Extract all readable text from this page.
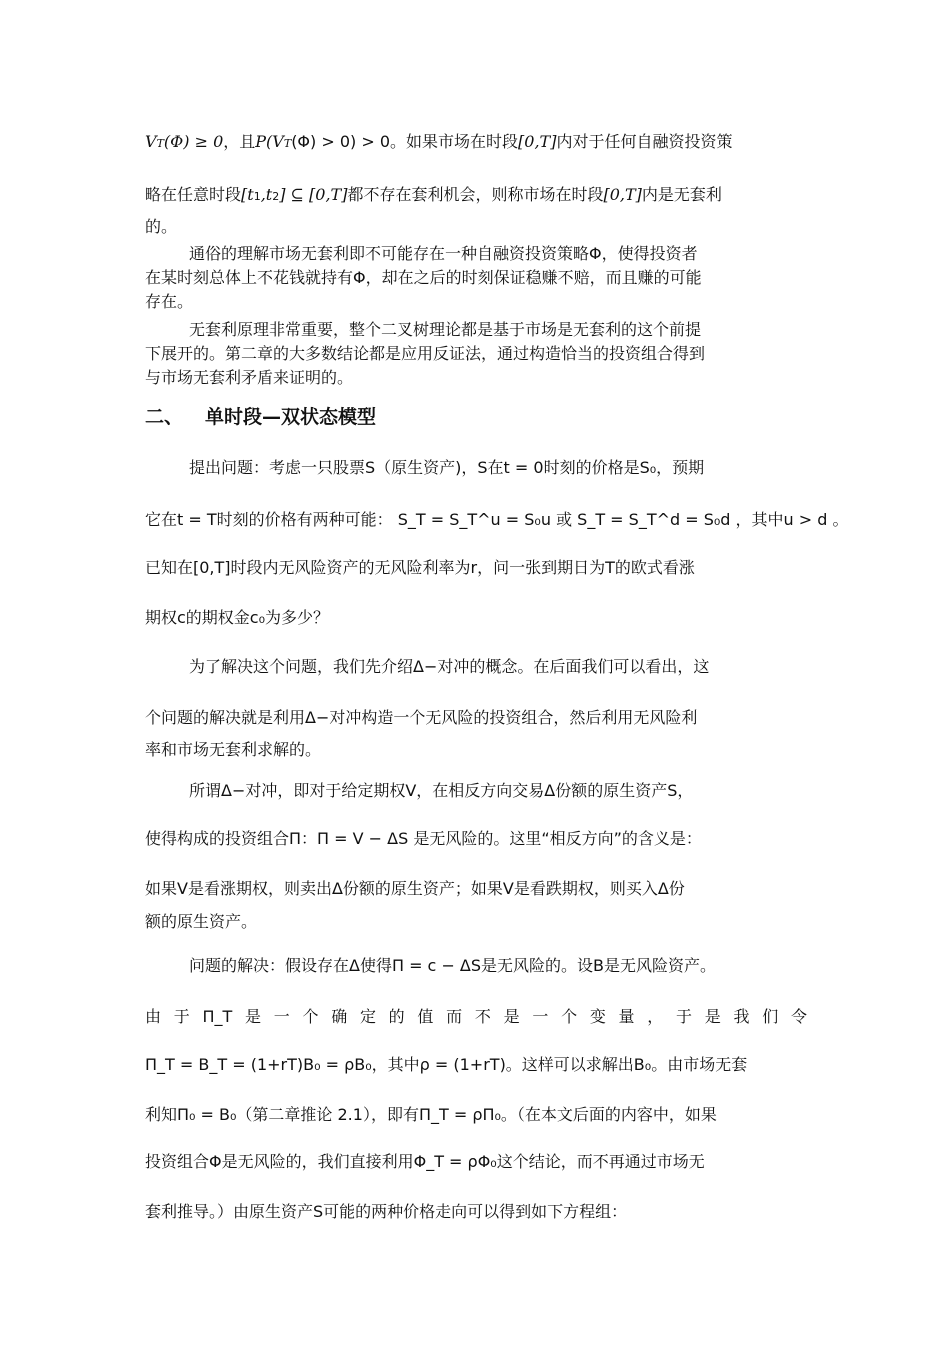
V T (Φ) ≥ 0 ，且 P(V T (Φ) > 0) > 0 。如果市场在时段 [0,T] 内对于任何自融资投资策
略在任意时段 [t 1 ,t 2 ] ⊆ [0,T] 都不存在套利机会，则称市场在时段 [0,T] 内是无套利
的。
通俗的理解市场无套利即不可能存在一种自融资投资策略Φ，使得投资者
在某时刻总体上不花钱就持有Φ，却在之后的时刻保证稳赚不赔，而且赚的可能
存在。
无套利原理非常重要，整个二叉树理论都是基于市场是无套利的这个前提
下展开的。第二章的大多数结论都是应用反证法，通过构造恰当的投资组合得到
与市场无套利矛盾来证明的。
二、 单时段—双状态模型
提出问题：考虑一只股票S（原生资产)，S在t = 0时刻的价格是S₀，预期
它在t = T时刻的价格有两种可能： S_T = S_T^u = S₀u 或 S_T = S_T^d = S₀d ，其中u > d 。
已知在[0,T]时段内无风险资产的无风险利率为r，问一张到期日为T的欧式看涨
期权c的期权金c₀为多少？
为了解决这个问题，我们先介绍Δ−对冲的概念。在后面我们可以看出，这
个问题的解决就是利用Δ−对冲构造一个无风险的投资组合，然后利用无风险利
率和市场无套利求解的。
所谓Δ−对冲，即对于给定期权V，在相反方向交易Δ份额的原生资产S，
使得构成的投资组合Π：Π = V − ΔS 是无风险的。这里“相反方向”的含义是：
如果V是看涨期权，则卖出Δ份额的原生资产；如果V是看跌期权，则买入Δ份
额的原生资产。
问题的解决：假设存在Δ使得Π = c − ΔS是无风险的。设B是无风险资产。
由 于 Π_T 是 一 个 确 定 的 值 而 不 是 一 个 变 量 ， 于 是 我 们 令
Π_T = B_T = (1+rT)B₀ = ρB₀，其中ρ = (1+rT)。这样可以求解出B₀。由市场无套
利知Π₀ = B₀（第二章推论 2.1），即有Π_T = ρΠ₀。（在本文后面的内容中，如果
投资组合Φ是无风险的，我们直接利用Φ_T = ρΦ₀这个结论，而不再通过市场无
套利推导。）由原生资产S可能的两种价格走向可以得到如下方程组：
